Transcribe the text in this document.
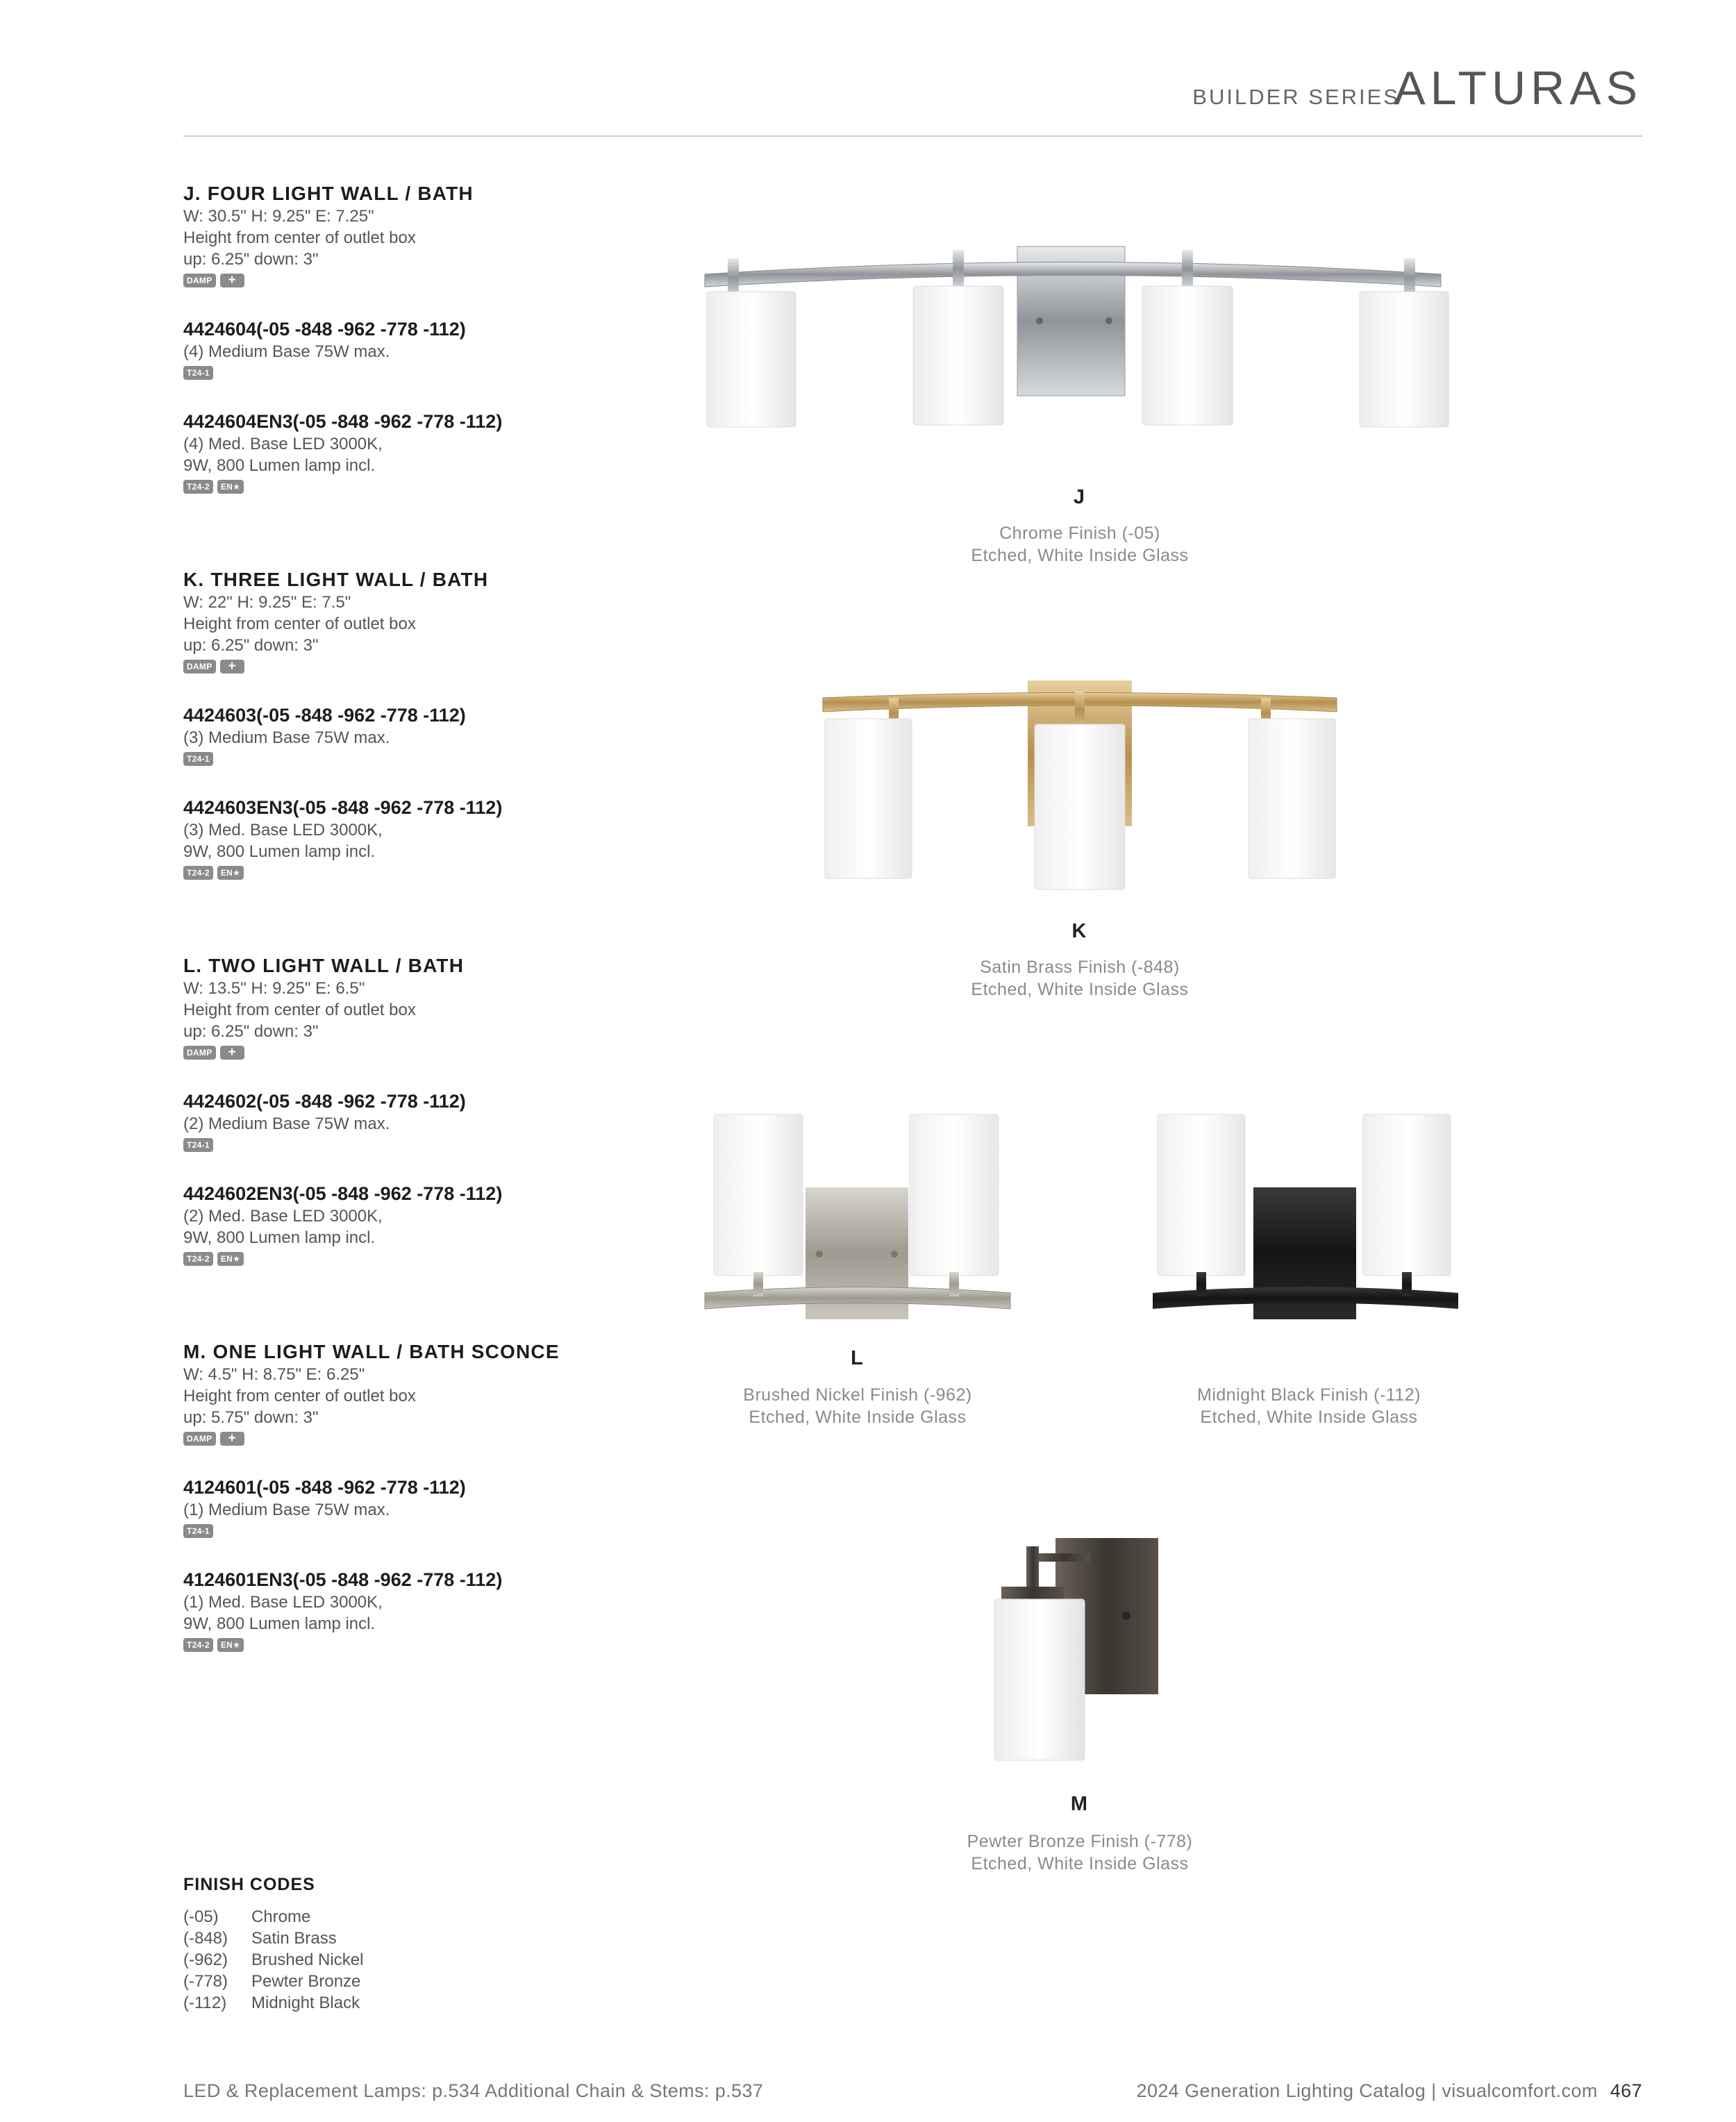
BUILDER SERIES
ALTURAS
J. FOUR LIGHT WALL / BATH
W: 30.5" H: 9.25" E: 7.25"
Height from center of outlet box
up: 6.25" down: 3"
DAMP	+
4424604(-05 -848 -962 -778 -112)
(4) Medium Base 75W max.
T24-1
4424604EN3(-05 -848 -962 -778 -112)
(4) Med. Base LED 3000K,
9W, 800 Lumen lamp incl.
T24-2	EN★
K. THREE LIGHT WALL / BATH
W: 22" H: 9.25" E: 7.5"
Height from center of outlet box
up: 6.25" down: 3"
DAMP	+
4424603(-05 -848 -962 -778 -112)
(3) Medium Base 75W max.
T24-1
4424603EN3(-05 -848 -962 -778 -112)
(3) Med. Base LED 3000K,
9W, 800 Lumen lamp incl.
T24-2	EN★
L. TWO LIGHT WALL / BATH
W: 13.5" H: 9.25" E: 6.5"
Height from center of outlet box
up: 6.25" down: 3"
DAMP	+
4424602(-05 -848 -962 -778 -112)
(2) Medium Base 75W max.
T24-1
4424602EN3(-05 -848 -962 -778 -112)
(2) Med. Base LED 3000K,
9W, 800 Lumen lamp incl.
T24-2	EN★
M. ONE LIGHT WALL / BATH SCONCE
W: 4.5" H: 8.75" E: 6.25"
Height from center of outlet box
up: 5.75" down: 3"
DAMP	+
4124601(-05 -848 -962 -778 -112)
(1) Medium Base 75W max.
T24-1
4124601EN3(-05 -848 -962 -778 -112)
(1) Med. Base LED 3000K,
9W, 800 Lumen lamp incl.
T24-2	EN★
J
Chrome Finish (-05)
Etched, White Inside Glass
K
Satin Brass Finish (-848)
Etched, White Inside Glass
L
Brushed Nickel Finish (-962)
Etched, White Inside Glass
Midnight Black Finish (-112)
Etched, White Inside Glass
M
Pewter Bronze Finish (-778)
Etched, White Inside Glass
FINISH CODES
(-05)	Chrome
(-848)	Satin Brass
(-962)	Brushed Nickel
(-778)	Pewter Bronze
(-112)	Midnight Black
LED & Replacement Lamps: p.534 Additional Chain & Stems: p.537	2024 Generation Lighting Catalog | visualcomfort.com 467
